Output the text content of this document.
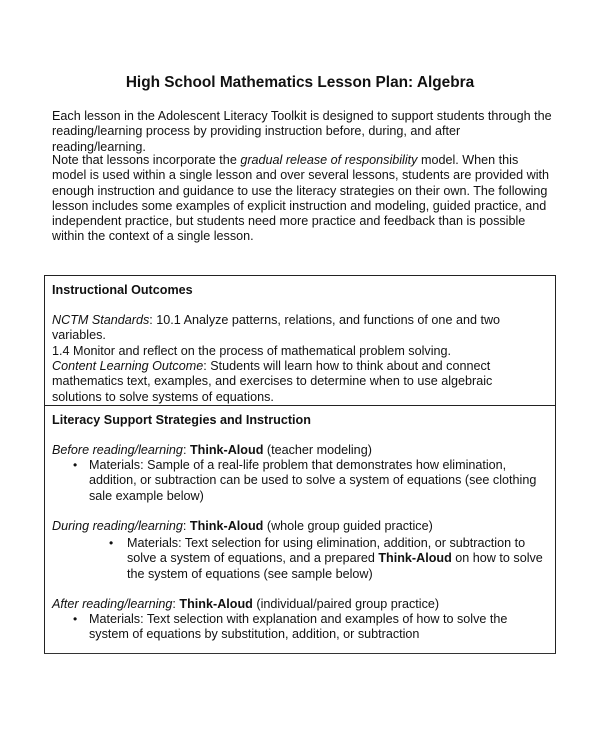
High School Mathematics Lesson Plan: Algebra
Each lesson in the Adolescent Literacy Toolkit is designed to support students through the reading/learning process by providing instruction before, during, and after reading/learning.
Note that lessons incorporate the gradual release of responsibility model. When this model is used within a single lesson and over several lessons, students are provided with enough instruction and guidance to use the literacy strategies on their own. The following lesson includes some examples of explicit instruction and modeling, guided practice, and independent practice, but students need more practice and feedback than is possible within the context of a single lesson.
Instructional Outcomes
NCTM Standards: 10.1 Analyze patterns, relations, and functions of one and two variables.
1.4 Monitor and reflect on the process of mathematical problem solving.
Content Learning Outcome: Students will learn how to think about and connect mathematics text, examples, and exercises to determine when to use algebraic solutions to solve systems of equations.
Literacy Support Strategies and Instruction
Before reading/learning: Think-Aloud (teacher modeling)
• Materials: Sample of a real-life problem that demonstrates how elimination, addition, or subtraction can be used to solve a system of equations (see clothing sale example below)
During reading/learning: Think-Aloud (whole group guided practice)
• Materials: Text selection for using elimination, addition, or subtraction to solve a system of equations, and a prepared Think-Aloud on how to solve the system of equations (see sample below)
After reading/learning: Think-Aloud (individual/paired group practice)
• Materials: Text selection with explanation and examples of how to solve the system of equations by substitution, addition, or subtraction
